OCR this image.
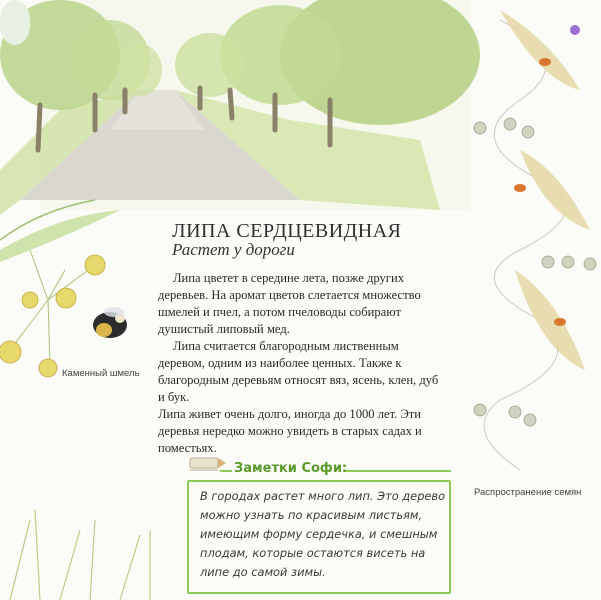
ЛИПА СЕРДЦЕВИДНАЯ
Растет у дороги

Липа цветет в середине лета, позже других деревьев. На аромат цветов слетается множество шмелей и пчел, а потом пчеловоды собирают душистый липовый мед.

Липа считается благородным лиственным деревом, одним из наиболее ценных. Также к благородным деревьям относят вяз, ясень, клен, дуб и бук.

Липа живет очень долго, иногда до 1000 лет. Эти деревья нередко можно увидеть в старых садах и поместьях.

Каменный шмель
Распространение семян
Заметки Софи:
В городах растет много лип. Это дерево можно узнать по красивым листьям, имеющим форму сердечка, и смешным плодам, которые остаются висеть на липе до самой зимы.
